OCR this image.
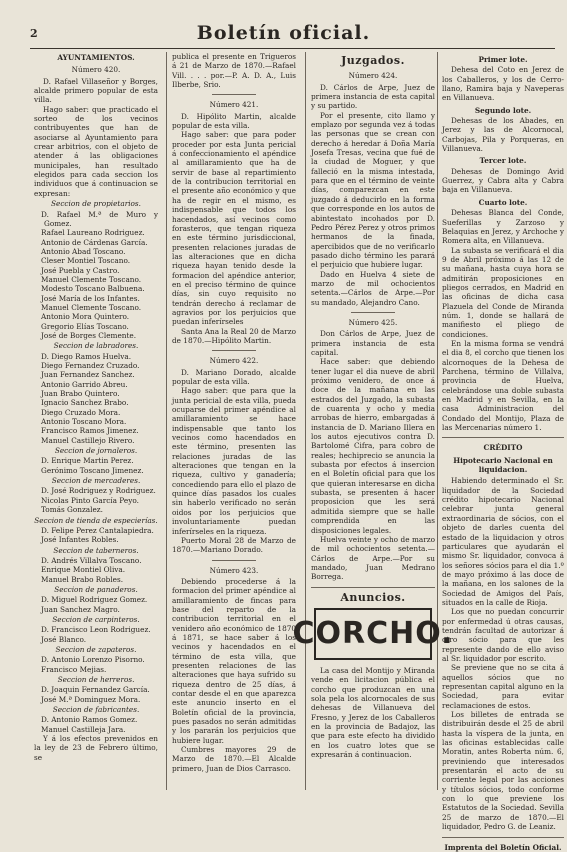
2	Boletín oficial.
AYUNTAMIENTOS.
Número 420.

D. Rafael Villaseñor y Borges, alcalde primero popular de esta villa.

Hago saber: que practicado el sorteo de los vecinos contribuyentes que han de asociarse al Ayuntamiento para crear arbitrios, con el objeto de atender á las obligaciones municipales, han resultado elegidos para cada seccion los individuos que á continuacion se expresan:

Seccion de propietarios.

D. Rafael M.ª de Muro y Gomez.

Rafael Laureano Rodriguez.

Antonio de Cárdenas García.

Antonio Abad Toscano.

Cleser Montiel Toscano.

José Puebla y Castro.

Manuel Clemente Toscano.

Modesto Toscano Balbuena.

José María de los Infantes.

Manuel Clemente Toscano.

Antonio Mora Quintero.

Gregorio Elías Toscano.

José de Borges Clemente.

Seccion de labradores.

D. Diego Ramos Huelva.

Diego Fernandez Cruzado.

Juan Fernandez Sanchez.

Antonio Garrido Abreu.

Juan Brabo Quintero.

Ignacio Sanchez Brabo.

Diego Cruzado Mora.

Antonio Toscano Mora.

Francisco Ramos Jimenez.

Manuel Castillejo Rivero.

Seccion de jornaleros.

D. Enrique Martin Perez.

Gerónimo Toscano Jimenez.

Seccion de mercaderes.

D. José Rodriguez y Rodriguez.

Nicolas Pinto García Peyo.

Tomás Gonzalez.

Seccion de tienda de especierías.

D. Felipe Perez Cantalapiedra.

José Infantes Robles.

Seccion de taberneros.

D. Andrés Villalva Toscano.

Enrique Montiel Oliva.

Manuel Brabo Robles.

Seccion de panaderos.

D. Miguel Rodriguez Gomez.

Juan Sanchez Magro.

Seccion de carpinteros.

D. Francisco Leon Rodriguez.

José Blanco.

Seccion de zapateros.

D. Antonio Lorenzo Pisorno.

Francisco Mejias.

Seccion de herreros.

D. Joaquin Fernandez García.

José M.ª Dominguez Mora.

Seccion de fabricantes.

D. Antonio Ramos Gomez.

Manuel Castilleja Jara.

Y á los efectos prevenidos en la ley de 23 de Febrero último, se

publica el presente en Trigueros á 21 de Marzo de 1870.—Rafael Vill. . . . por.—P. A. D. A., Luis Ilberbe, Srio.

Número 421.

D. Hipólito Martin, alcalde popular de esta villa.

Hago saber: que para poder proceder por esta Junta pericial á confeccionamiento el apéndice al amillaramiento que ha de servir de base al repartimiento de la contribucion territorial en el presente año económico y que ha de regir en el mismo, es indispensable que todos los hacendados, así vecinos como forasteros, que tengan riqueza en este término jurisdiccional, presenten relaciones juradas de las alteraciones que en dicha riqueza hayan tenido desde la formacion del apéndice anterior, en el preciso término de quince días, sin cuyo requisito no tendrán derecho á reclamar de agravios por los perjuicios que puedan inferírseles

Santa Ana la Real 20 de Marzo de 1870.—Hipólito Martin.

Número 422.

D. Mariano Dorado, alcalde popular de esta villa.

Hago saber: que para que la junta pericial de esta villa, pueda ocuparse del primer apéndice al amillaramiento se hace indispensable que tanto los vecinos como hacendados en este término, presenten las relaciones juradas de las alteraciones que tengan en la riqueza, cultivo y ganadería; concediendo para ello el plazo de quince días pasados los cuales sin haberlo verificado no serán oidos por los perjuicios que involuntariamente puedan inferírseles en la riqueza.

Puerto Moral 28 de Marzo de 1870.—Mariano Dorado.

Número 423.

Debiendo procederse á la formacion del primer apéndice al amillaramiento de fincas para base del reparto de la contribucion territorial en el venidero año económico de 1870 á 1871, se hace saber á los vecinos y hacendados en el término de esta villa, que presenten relaciones de las alteraciones que haya sufrido su riqueza dentro de 25 días, á contar desde el en que aparezca este anuncio inserto en el Boletín oficial de la provincia, pues pasados no serán admitidas y los pararán los perjuicios que hubiere lugar.

Cumbres mayores 29 de Marzo de 1870.—El Alcalde primero, Juan de Dios Carrasco.

Juzgados.
Número 424.

D. Cárlos de Arpe, Juez de primera instancia de esta capital y su partido.

Por el presente, cito llamo y emplazo por segunda vez á todas las personas que se crean con derecho á heredar á Doña María Josefa Tresas, vecina que fué de la ciudad de Moguer, y que falleció en la misma intestada, para que en el término de veinte días, comparezcan en este juzgado á deducirlo en la forma que corresponde en los autos de abintestato incohados por D. Pedro Pérez Perez y otros primos hermanos de la finada, apercibidos que de no verificarlo pasado dicho término les parará el perjuicio que hubiere lugar.

Dado en Huelva 4 siete de marzo de mil ochocientos setenta.—Cárlos de Arpe.—Por su mandado, Alejandro Cano.

Número 425.

Don Cárlos de Arpe, Juez de primera instancia de esta capital.

Hace saber: que debiendo tener lugar el dia nueve de abril próximo venidero, de once á doce de la mañana en las estrados del Juzgado, la subasta de cuarenta y ocho y media arrobas de hierro, embargadas á instancia de D. Mariano Illera en los autos ejecutivos contra D. Bartolomé Cifra, para cobro de reales; hechiprecio se anuncia la subasta por efectos á insercion en el Boletín oficial para que los que quieran interesarse en dicha subasta, se presenten á hacer proposicion que les será admitida siempre que se halle comprendida en las disposiciones legales.

Huelva veinte y ocho de marzo de mil ochocientos setenta.—Cárlos de Arpe.—Por su mandado, Juan Medrano Borrega.

Anuncios.
CORCHO.

La casa del Montijo y Miranda vende en licitacion pública el corcho que produzcan en una sola pela los alcornocales de sus dehesas de Villanueva del Fresno, y Jerez de los Caballeros en la provincia de Badajoz, las que para este efecto ha dividido en los cuatro lotes que se expresarán á continuacion.

Primer lote.

Dehesa del Coto en Jerez de los Caballeros, y los de Cerro-llano, Ramira baja y Naveperas en Villanueva.

Segundo lote.

Dehesas de los Abades, en Jerez y las de Alcornocal, Carbojas, Pila y Porqueras, en Villanueva.

Tercer lote.

Dehesas de Domingo Avid Guerrez, y Cabra alta y Cabra baja en Villanueva.

Cuarto lote.

Dehesas Blanca del Conde, Sueferillas y Zarzoso y Belaquias en Jerez, y Archoche y Romera alta, en Villanueva.

La subasta se verificará el dia 9 de Abril próximo á las 12 de su mañana, hasta cuya hora se admitirán proposiciones en pliegos cerrados, en Madrid en las oficinas de dicha casa Plazuela del Conde de Miranda núm. 1, donde se hallará de manifiesto el pliego de condiciones.

En la misma forma se vendrá el dia 8, el corcho que tienen los alcornoques de la Dehesa de Parchena, término de Villalva, provincia de Huelva, celebrándose una doble subasta en Madrid y en Sevilla, en la casa Administracion del Condado del Montijo, Plaza de las Mercenarias número 1.

CRÉDITO
Hipotecario Nacional en liquidacion.

Habiendo determinado el Sr. liquidador de la Sociedad crédito hipotecario Nacional celebrar junta general extraordinaria de sócios, con el objeto de darles cuenta del estado de la liquidacion y otros particulares que ayudarán el mismo Sr. liquidador, convoca á los señores sócios para el dia 1.º de mayo próximo á las doce de la mañana, en los salones de la Sociedad de Amigos del País, situados en la calle de Rioja.

Los que no puedan concurrir por enfermedad ú otras causas, tendrán facultad de autorizar á otro sócio para que les represente dando de ello aviso al Sr. liquidador por escrito.

Se previene que no se cita á aquellos sócios que no representan capital alguno en la Sociedad, para evitar reclamaciones de estos.

Los billetes de entrada se distribuirán desde el 25 de abril hasta la víspera de la junta, en las oficinas establecidas calle Moratin, antes Roberta núm. 6, previniendo que interesados presentarán el acto de su corriente legal por las acciones y títulos sócios, todo conforme con lo que previene los Estatutos de la Sociedad. Sevilla 25 de marzo de 1870.—El liquidador, Pedro G. de Leaniz.

Imprenta del Boletín Oficial.
